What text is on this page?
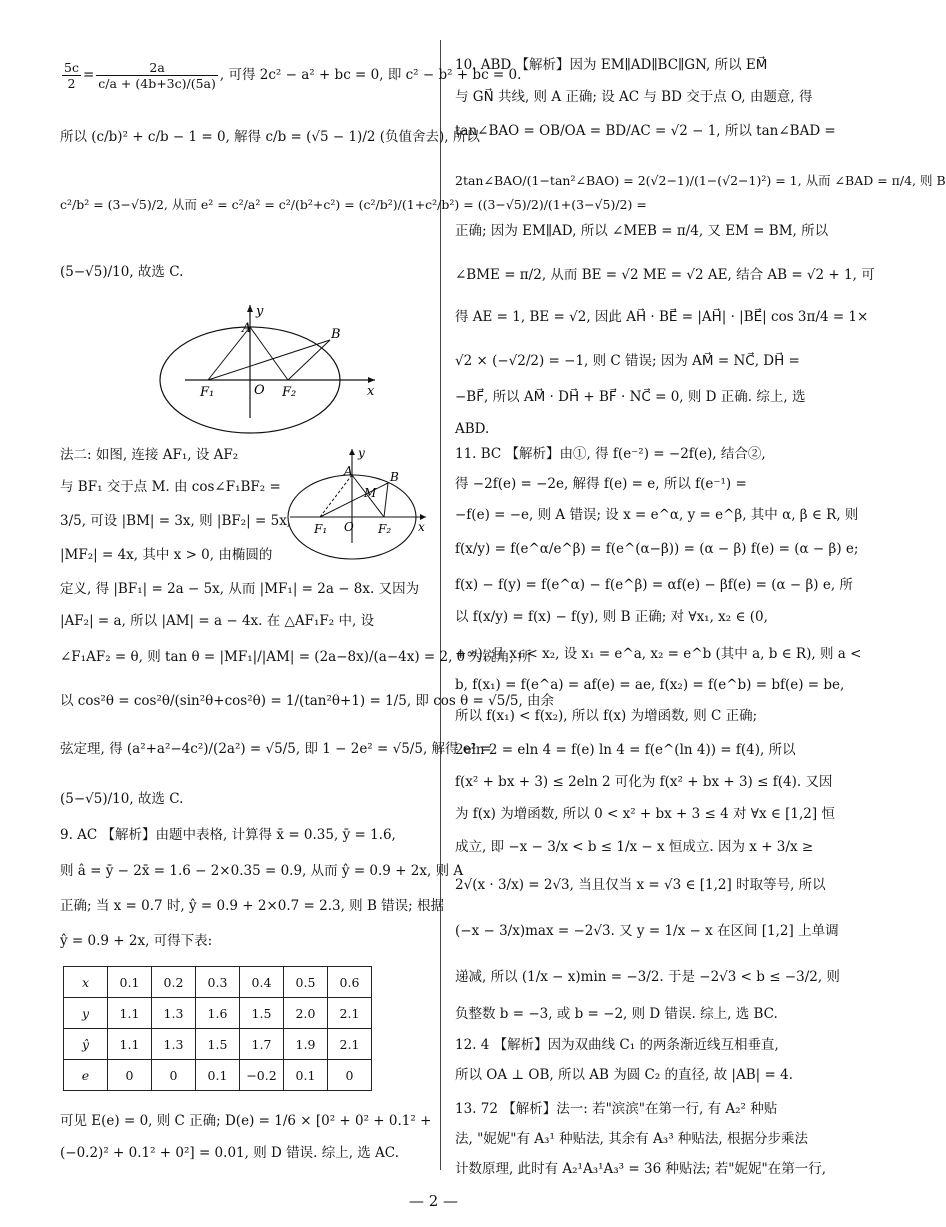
$\frac{5c}{2} = \frac{2a}{c/a + (4b+3c)/(5a)}$ , 可得 2c² − a² + bc = 0, 即 c² − b² + bc = 0.
所以 (c/b)² + c/b − 1 = 0, 解得 c/b = (√5 − 1)/2 (负值舍去), 所以
c²/b² = (3−√5)/2, 从而 e² = c²/a² = c²/(b²+c²) = (c²/b²)/(1+c²/b²) = ((3−√5)/2)/(1+(3−√5)/2) =
(5−√5)/10, 故选 C.
A	B
F₁	F₂
O	x
y
法二: 如图, 连接 AF₁, 设 AF₂
与 BF₁ 交于点 M. 由 cos∠F₁BF₂ =
3/5, 可设 |BM| = 3x, 则 |BF₂| = 5x,
|MF₂| = 4x, 其中 x > 0, 由椭圆的
A	B
M
F₁	F₂
O	x
y
定义, 得 |BF₁| = 2a − 5x, 从而 |MF₁| = 2a − 8x. 又因为
|AF₂| = a, 所以 |AM| = a − 4x. 在 △AF₁F₂ 中, 设
∠F₁AF₂ = θ, 则 tan θ = |MF₁|/|AM| = (2a−8x)/(a−4x) = 2, θ 为锐角, 所
以 cos²θ = cos²θ/(sin²θ+cos²θ) = 1/(tan²θ+1) = 1/5, 即 cos θ = √5/5, 由余
弦定理, 得 (a²+a²−4c²)/(2a²) = √5/5, 即 1 − 2e² = √5/5, 解得 e² =
(5−√5)/10, 故选 C.
9. AC 【解析】由题中表格, 计算得 x̄ = 0.35, ȳ = 1.6,
则 â = ȳ − 2x̄ = 1.6 − 2×0.35 = 0.9, 从而 ŷ = 0.9 + 2x, 则 A
正确; 当 x = 0.7 时, ŷ = 0.9 + 2×0.7 = 2.3, 则 B 错误; 根据
ŷ = 0.9 + 2x, 可得下表:
x	0.1	0.2	0.3	0.4	0.5	0.6
y	1.1	1.3	1.6	1.5	2.0	2.1
ŷ	1.1	1.3	1.5	1.7	1.9	2.1
e	0	0	0.1	−0.2	0.1	0
可见 E(e) = 0, 则 C 正确; D(e) = 1/6 × [0² + 0² + 0.1² +
(−0.2)² + 0.1² + 0²] = 0.01, 则 D 错误. 综上, 选 AC.
10. ABD 【解析】因为 EM∥AD∥BC∥GN, 所以 EM⃗
与 GN⃗ 共线, 则 A 正确; 设 AC 与 BD 交于点 O, 由题意, 得
tan∠BAO = OB/OA = BD/AC = √2 − 1, 所以 tan∠BAD =
2tan∠BAO/(1−tan²∠BAO) = 2(√2−1)/(1−(√2−1)²) = 1, 从而 ∠BAD = π/4, 则 B
正确; 因为 EM∥AD, 所以 ∠MEB = π/4, 又 EM = BM, 所以
∠BME = π/2, 从而 BE = √2 ME = √2 AE, 结合 AB = √2 + 1, 可
得 AE = 1, BE = √2, 因此 AH⃗ · BE⃗ = |AH⃗| · |BE⃗| cos 3π/4 = 1×
√2 × (−√2/2) = −1, 则 C 错误; 因为 AM⃗ = NC⃗, DH⃗ =
−BF⃗, 所以 AM⃗ · DH⃗ + BF⃗ · NC⃗ = 0, 则 D 正确. 综上, 选
ABD.
11. BC 【解析】由①, 得 f(e⁻²) = −2f(e), 结合②,
得 −2f(e) = −2e, 解得 f(e) = e, 所以 f(e⁻¹) =
−f(e) = −e, 则 A 错误; 设 x = e^α, y = e^β, 其中 α, β ∈ R, 则
f(x/y) = f(e^α/e^β) = f(e^(α−β)) = (α − β) f(e) = (α − β) e;
f(x) − f(y) = f(e^α) − f(e^β) = αf(e) − βf(e) = (α − β) e, 所
以 f(x/y) = f(x) − f(y), 则 B 正确; 对 ∀x₁, x₂ ∈ (0,
+∞), 且 x₁ < x₂, 设 x₁ = e^a, x₂ = e^b (其中 a, b ∈ R), 则 a <
b, f(x₁) = f(e^a) = af(e) = ae, f(x₂) = f(e^b) = bf(e) = be,
所以 f(x₁) < f(x₂), 所以 f(x) 为增函数, 则 C 正确;
2eln 2 = eln 4 = f(e) ln 4 = f(e^(ln 4)) = f(4), 所以
f(x² + bx + 3) ≤ 2eln 2 可化为 f(x² + bx + 3) ≤ f(4). 又因
为 f(x) 为增函数, 所以 0 < x² + bx + 3 ≤ 4 对 ∀x ∈ [1,2] 恒
成立, 即 −x − 3/x < b ≤ 1/x − x 恒成立. 因为 x + 3/x ≥
2√(x · 3/x) = 2√3, 当且仅当 x = √3 ∈ [1,2] 时取等号, 所以
(−x − 3/x)max = −2√3. 又 y = 1/x − x 在区间 [1,2] 上单调
递减, 所以 (1/x − x)min = −3/2. 于是 −2√3 < b ≤ −3/2, 则
负整数 b = −3, 或 b = −2, 则 D 错误. 综上, 选 BC.
12. 4 【解析】因为双曲线 C₁ 的两条渐近线互相垂直,
所以 OA ⊥ OB, 所以 AB 为圆 C₂ 的直径, 故 |AB| = 4.
13. 72 【解析】法一: 若"滨滨"在第一行, 有 A₂² 种贴
法, "妮妮"有 A₃¹ 种贴法, 其余有 A₃³ 种贴法, 根据分步乘法
计数原理, 此时有 A₂¹A₃¹A₃³ = 36 种贴法; 若"妮妮"在第一行,
— 2 —
